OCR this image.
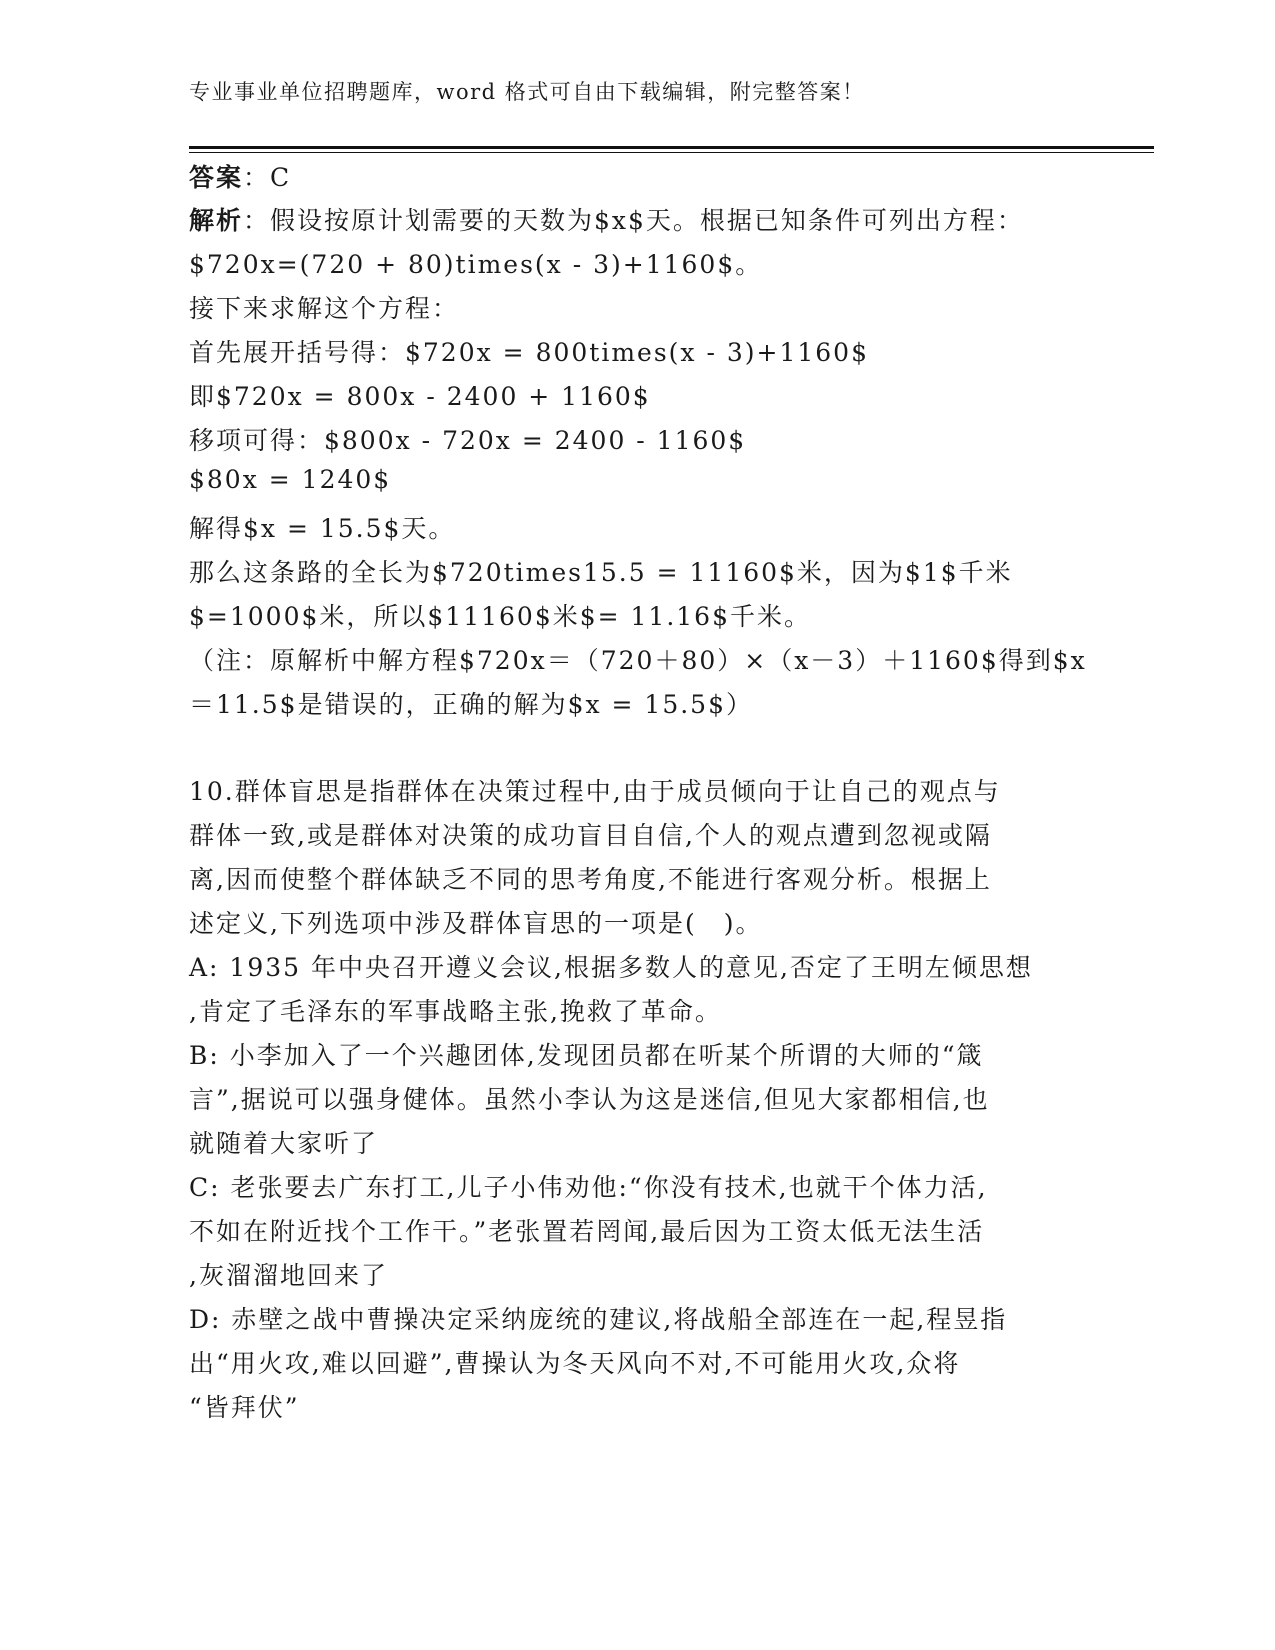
专业事业单位招聘题库，word 格式可自由下载编辑，附完整答案！
答案：C
解析：假设按原计划需要的天数为$x$天。根据已知条件可列出方程：
$720x=(720 + 80)times(x - 3)+1160$。
接下来求解这个方程：
首先展开括号得：$720x = 800times(x - 3)+1160$
即$720x = 800x - 2400 + 1160$
移项可得：$800x - 720x = 2400 - 1160$
$80x = 1240$
解得$x = 15.5$天。
那么这条路的全长为$720times15.5 = 11160$米，因为$1$千米
$=1000$米，所以$11160$米$= 11.16$千米。
（注：原解析中解方程$720x＝（720＋80）×（x－3）＋1160$得到$x
＝11.5$是错误的，正确的解为$x = 15.5$）
10.群体盲思是指群体在决策过程中,由于成员倾向于让自己的观点与
群体一致,或是群体对决策的成功盲目自信,个人的观点遭到忽视或隔
离,因而使整个群体缺乏不同的思考角度,不能进行客观分析。根据上
述定义,下列选项中涉及群体盲思的一项是(　)。
A: 1935 年中央召开遵义会议,根据多数人的意见,否定了王明左倾思想
,肯定了毛泽东的军事战略主张,挽救了革命。
B: 小李加入了一个兴趣团体,发现团员都在听某个所谓的大师的“箴
言”,据说可以强身健体。虽然小李认为这是迷信,但见大家都相信,也
就随着大家听了
C: 老张要去广东打工,儿子小伟劝他:“你没有技术,也就干个体力活,
不如在附近找个工作干。”老张置若罔闻,最后因为工资太低无法生活
,灰溜溜地回来了
D: 赤壁之战中曹操决定采纳庞统的建议,将战船全部连在一起,程昱指
出“用火攻,难以回避”,曹操认为冬天风向不对,不可能用火攻,众将
“皆拜伏”
